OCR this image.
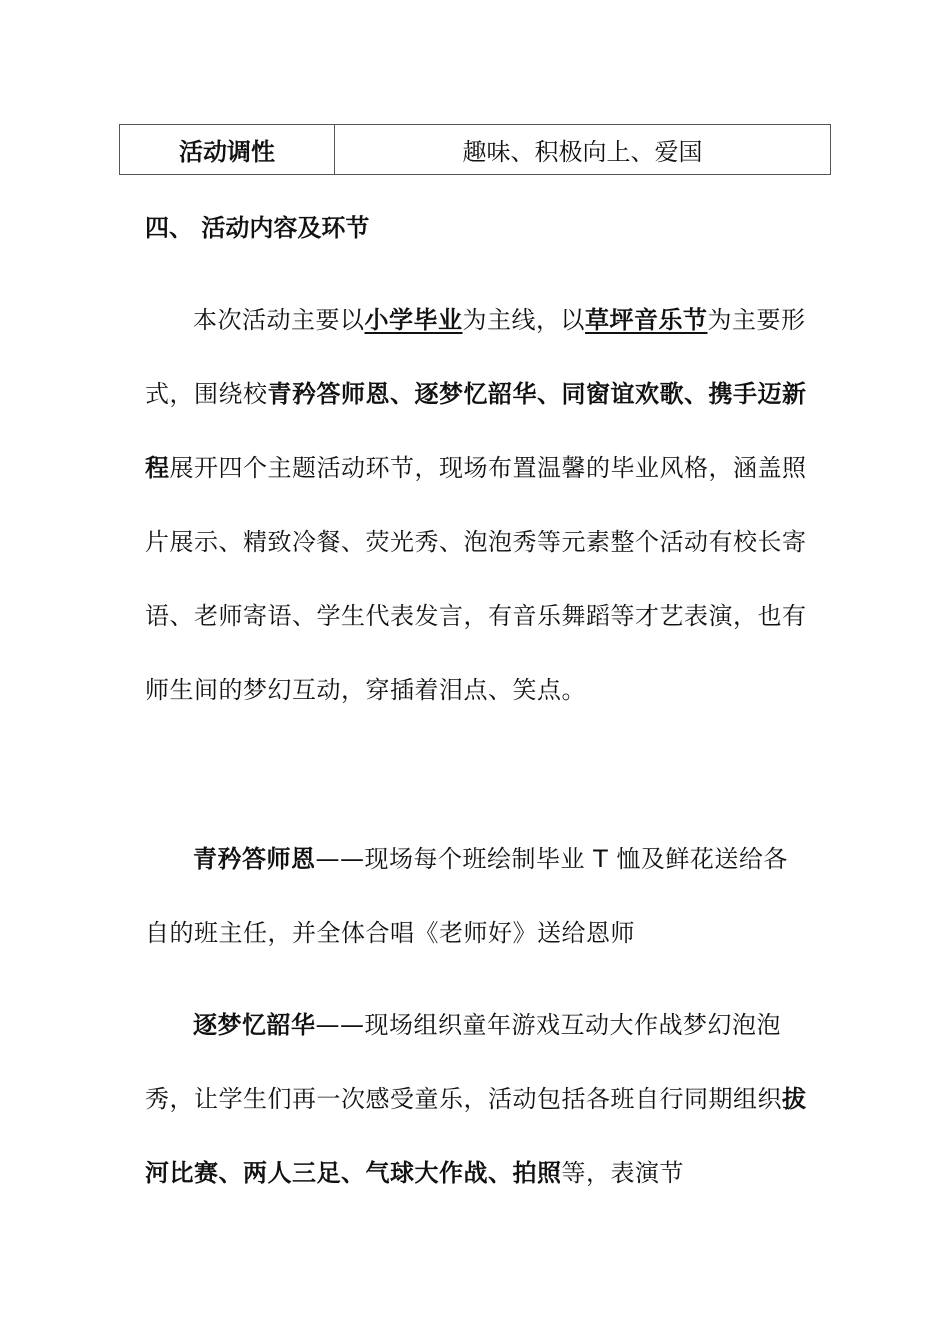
活动调性	趣味、积极向上、爱国
四、 活动内容及环节

本次活动主要以小学毕业为主线，以草坪音乐节为主要形式，围绕校青矜答师恩、逐梦忆韶华、同窗谊欢歌、携手迈新程展开四个主题活动环节，现场布置温馨的毕业风格，涵盖照片展示、精致冷餐、荧光秀、泡泡秀等元素整个活动有校长寄语、老师寄语、学生代表发言，有音乐舞蹈等才艺表演，也有师生间的梦幻互动，穿插着泪点、笑点。

青矜答师恩——现场每个班绘制毕业 T 恤及鲜花送给各自的班主任，并全体合唱《老师好》送给恩师

逐梦忆韶华——现场组织童年游戏互动大作战梦幻泡泡秀，让学生们再一次感受童乐，活动包括各班自行同期组织拔河比赛、两人三足、气球大作战、拍照等，表演节
